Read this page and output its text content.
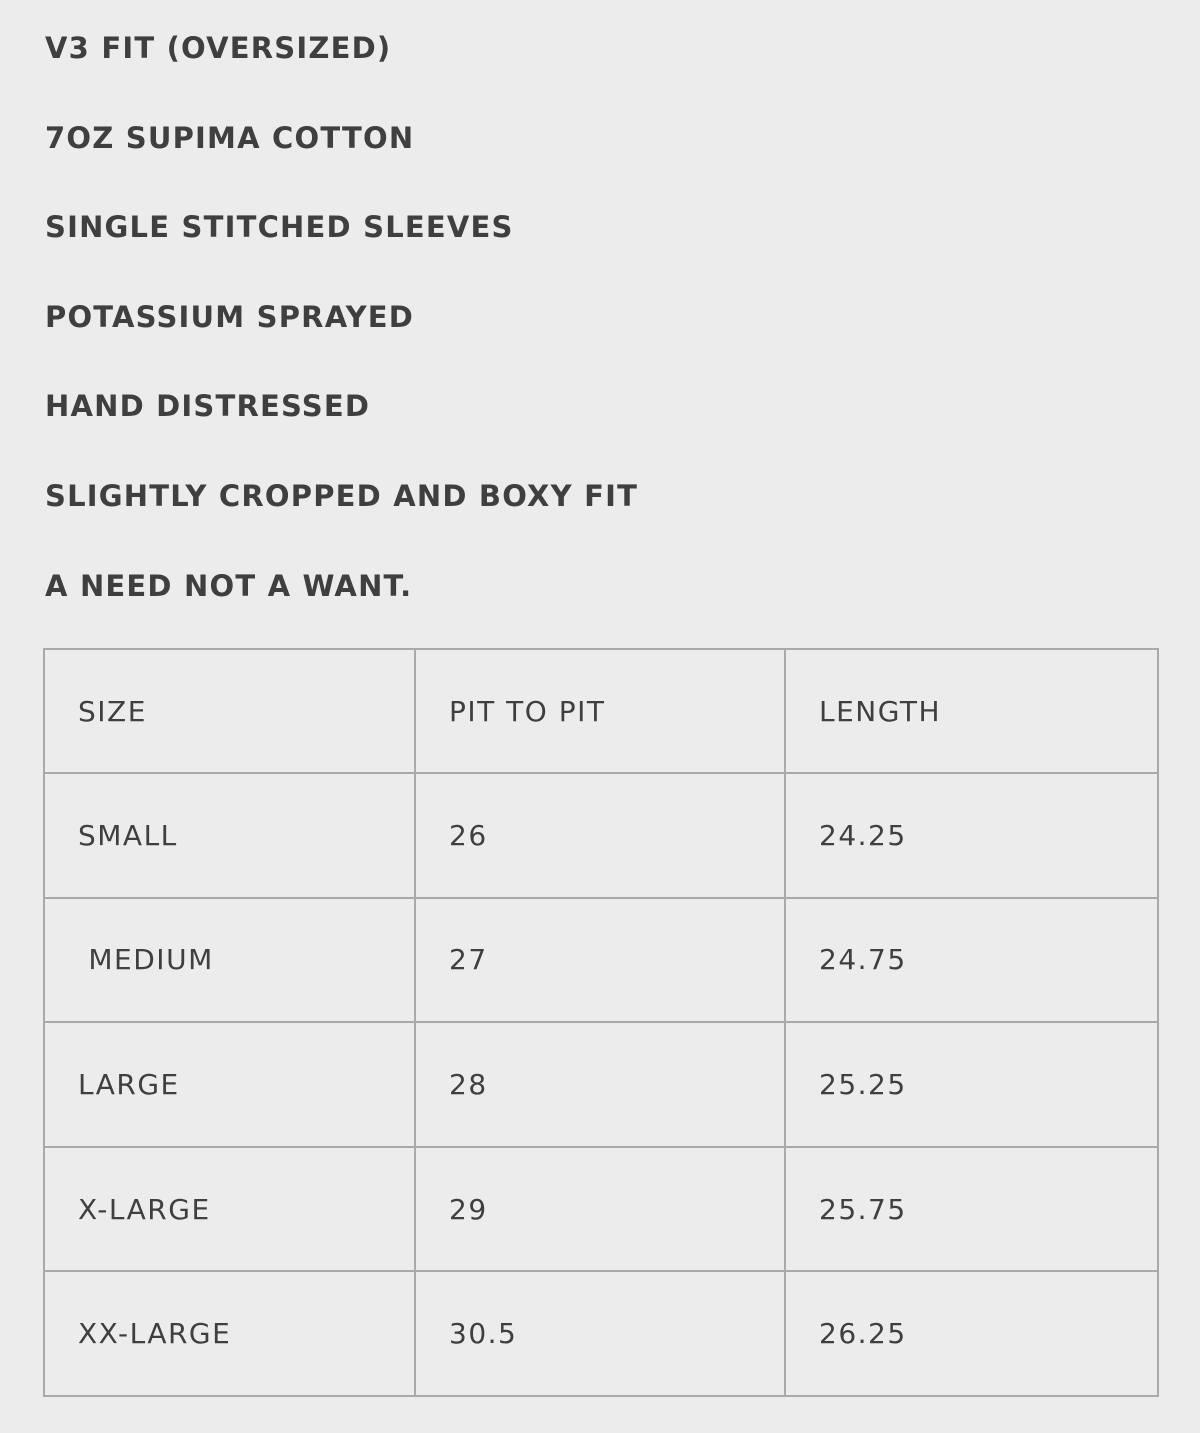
V3 FIT (OVERSIZED)
7OZ SUPIMA COTTON
SINGLE STITCHED SLEEVES
POTASSIUM SPRAYED
HAND DISTRESSED
SLIGHTLY CROPPED AND BOXY FIT
A NEED NOT A WANT.
SIZE	PIT TO PIT	LENGTH
SMALL	26	24.25
MEDIUM	27	24.75
LARGE	28	25.25
X-LARGE	29	25.75
XX-LARGE	30.5	26.25
